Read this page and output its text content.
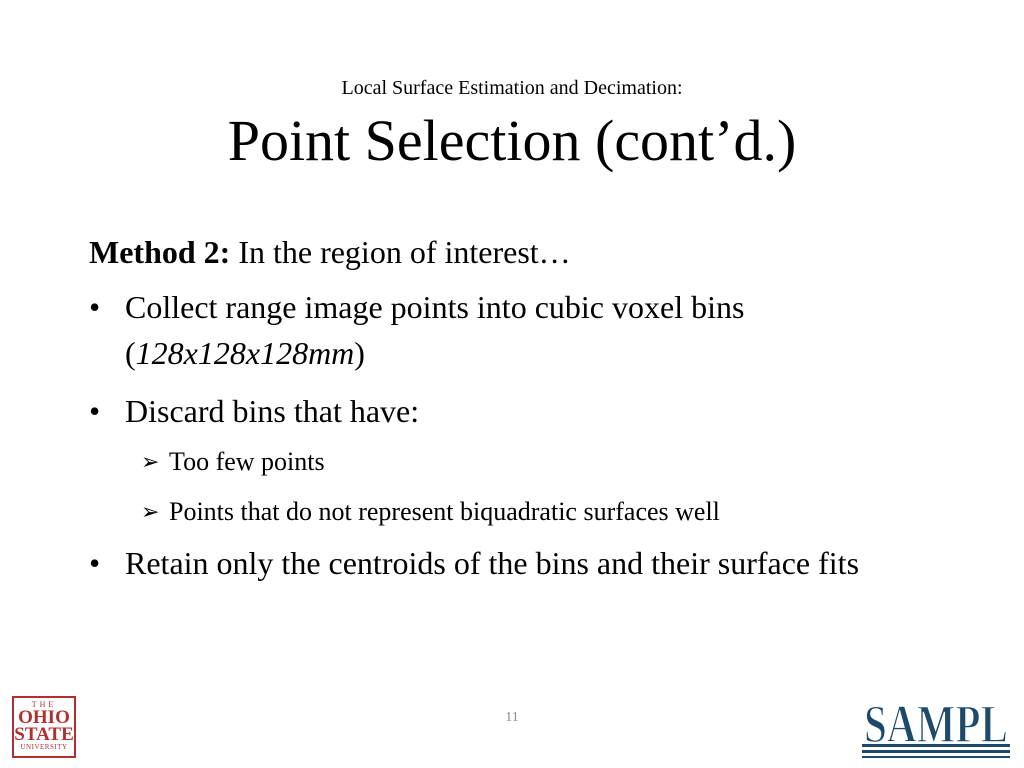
Local Surface Estimation and Decimation:
Point Selection (cont’d.)

Method 2: In the region of interest…

• Collect range image points into cubic voxel bins
(128x128x128mm)

• Discard bins that have:

➢ Too few points

➢ Points that do not represent biquadratic surfaces well

• Retain only the centroids of the bins and their surface fits

11
THE
OHIO
STATE
UNIVERSITY	SAMPL
